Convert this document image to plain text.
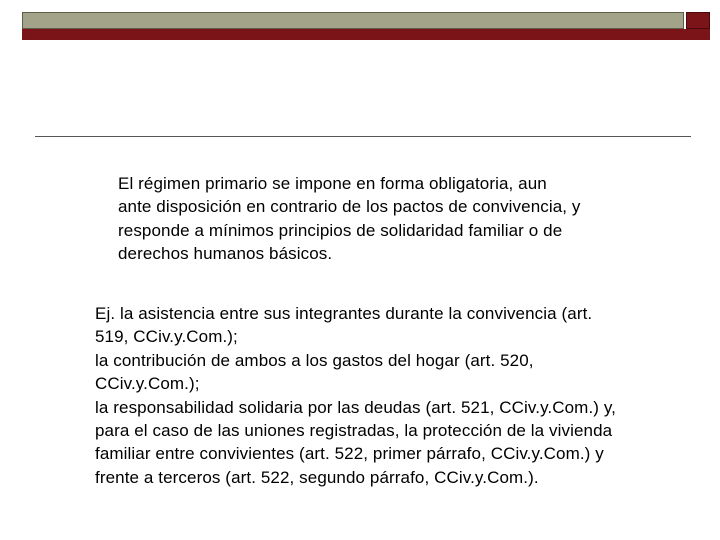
El régimen primario se impone en forma obligatoria, aun
ante disposición en contrario de los pactos de convivencia, y
responde a mínimos principios de solidaridad familiar o de
derechos humanos básicos.
Ej. la asistencia entre sus integrantes durante la convivencia (art.
519, CCiv.y.Com.);
la contribución de ambos a los gastos del hogar (art. 520,
CCiv.y.Com.);
la responsabilidad solidaria por las deudas (art. 521, CCiv.y.Com.) y,
para el caso de las uniones registradas, la protección de la vivienda
familiar entre convivientes (art. 522, primer párrafo, CCiv.y.Com.) y
frente a terceros (art. 522, segundo párrafo, CCiv.y.Com.).
